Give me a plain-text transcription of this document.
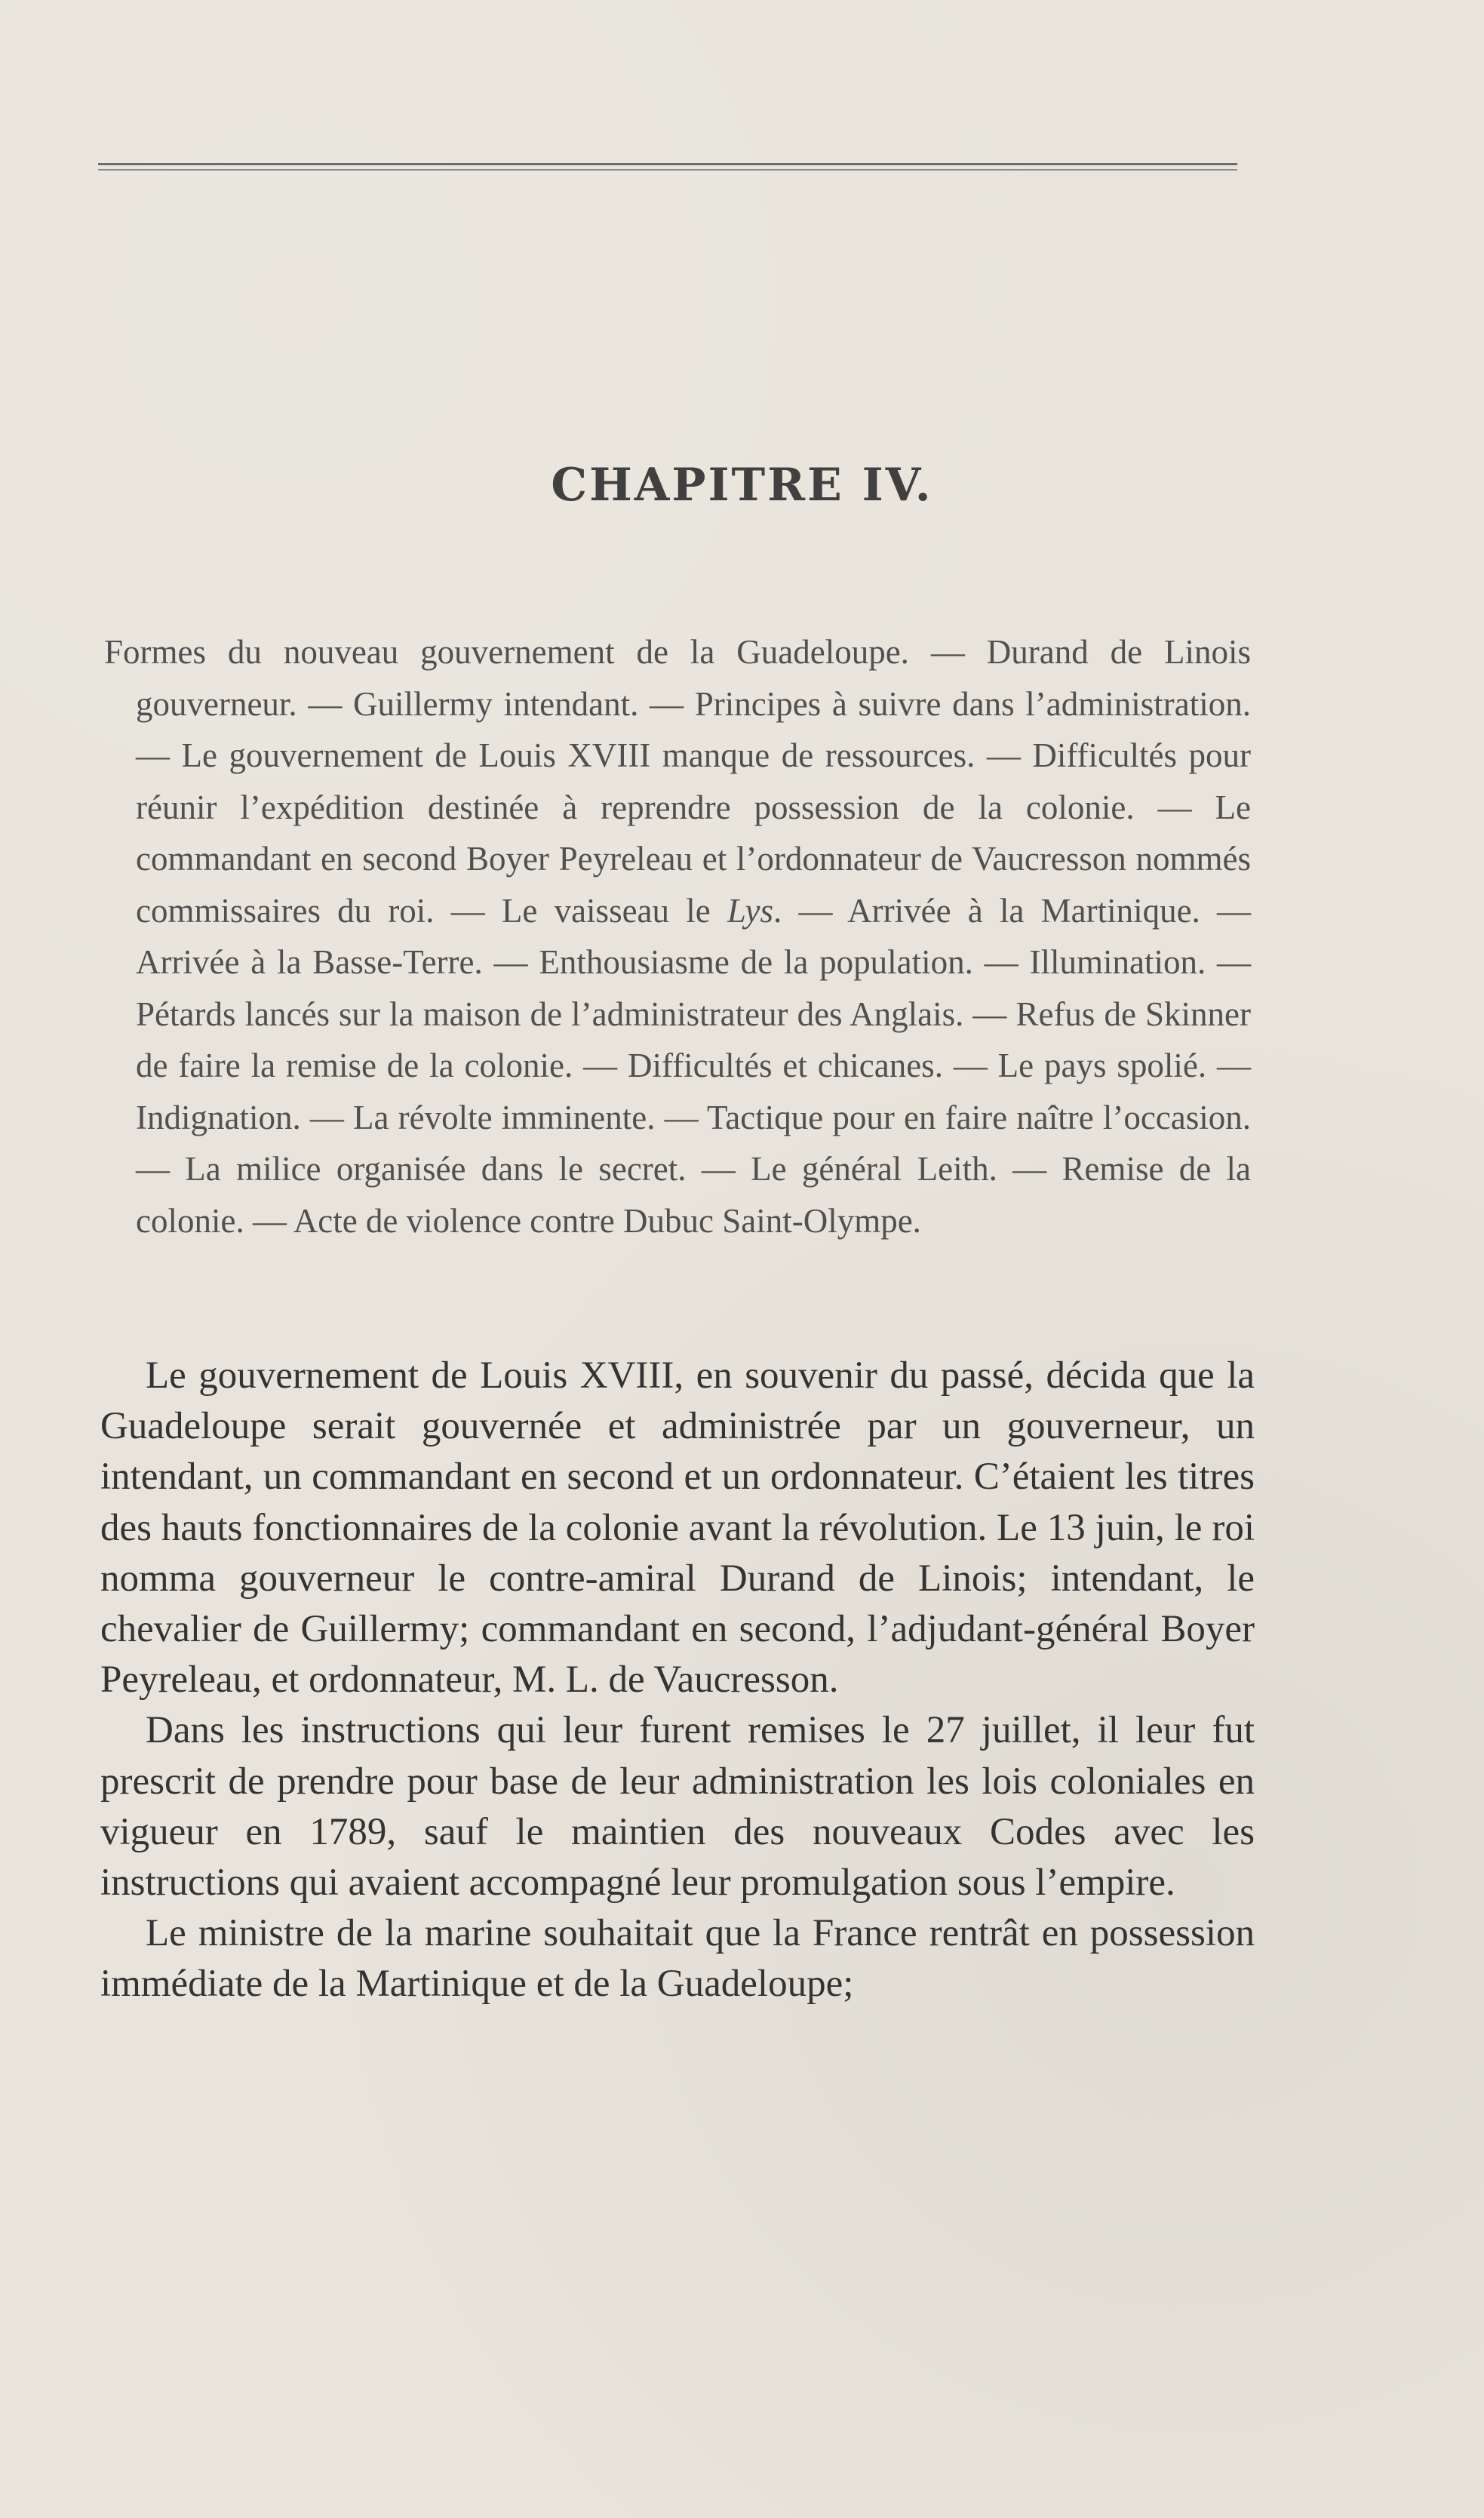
CHAPITRE IV.
Formes du nouveau gouvernement de la Guadeloupe. — Durand de Linois gouverneur. — Guillermy intendant. — Principes à suivre dans l’administration. — Le gouvernement de Louis XVIII manque de ressources. — Difficultés pour réunir l’expédition destinée à reprendre possession de la colonie. — Le commandant en second Boyer Peyreleau et l’ordonnateur de Vaucresson nommés commissaires du roi. — Le vaisseau le Lys. — Arrivée à la Martinique. — Arrivée à la Basse-Terre. — Enthousiasme de la population. — Illumination. — Pétards lancés sur la maison de l’administrateur des Anglais. — Refus de Skinner de faire la remise de la colonie. — Difficultés et chicanes. — Le pays spolié. — Indignation. — La révolte imminente. — Tactique pour en faire naître l’occasion. — La milice organisée dans le secret. — Le général Leith. — Remise de la colonie. — Acte de violence contre Dubuc Saint-Olympe.

Le gouvernement de Louis XVIII, en souvenir du passé, décida que la Guadeloupe serait gouvernée et administrée par un gouverneur, un intendant, un commandant en second et un ordonnateur. C’étaient les titres des hauts fonctionnaires de la colonie avant la révolution. Le 13 juin, le roi nomma gouverneur le contre-amiral Durand de Linois; intendant, le chevalier de Guillermy; commandant en second, l’adjudant-général Boyer Peyreleau, et ordonnateur, M. L. de Vaucresson.

Dans les instructions qui leur furent remises le 27 juillet, il leur fut prescrit de prendre pour base de leur administration les lois coloniales en vigueur en 1789, sauf le maintien des nouveaux Codes avec les instructions qui avaient accompagné leur promulgation sous l’empire.

Le ministre de la marine souhaitait que la France rentrât en possession immédiate de la Martinique et de la Guadeloupe;
